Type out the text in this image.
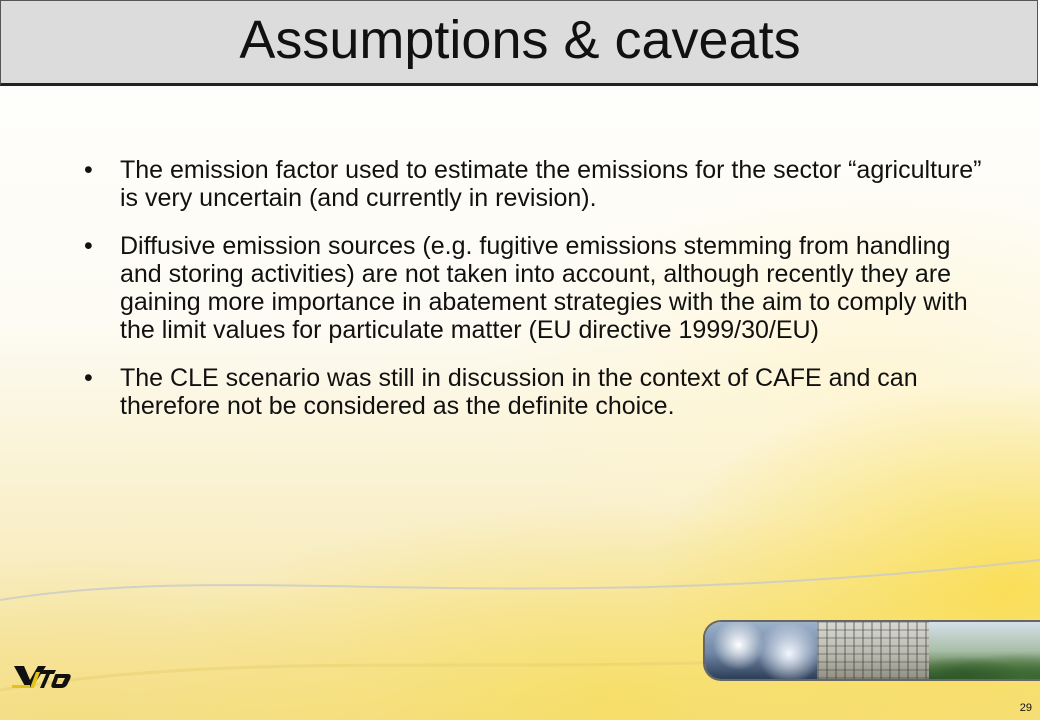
Assumptions & caveats
•	The emission factor used to estimate the emissions for the sector “agriculture” is very uncertain (and currently in revision).
•	Diffusive emission sources (e.g. fugitive emissions stemming from handling and storing activities) are not taken into account, although recently they are gaining more importance in abatement strategies with the aim to comply with the limit values for particulate matter (EU directive 1999/30/EU)
•	The CLE scenario was still in discussion in the context of CAFE and can therefore not be considered as the definite choice.
29
